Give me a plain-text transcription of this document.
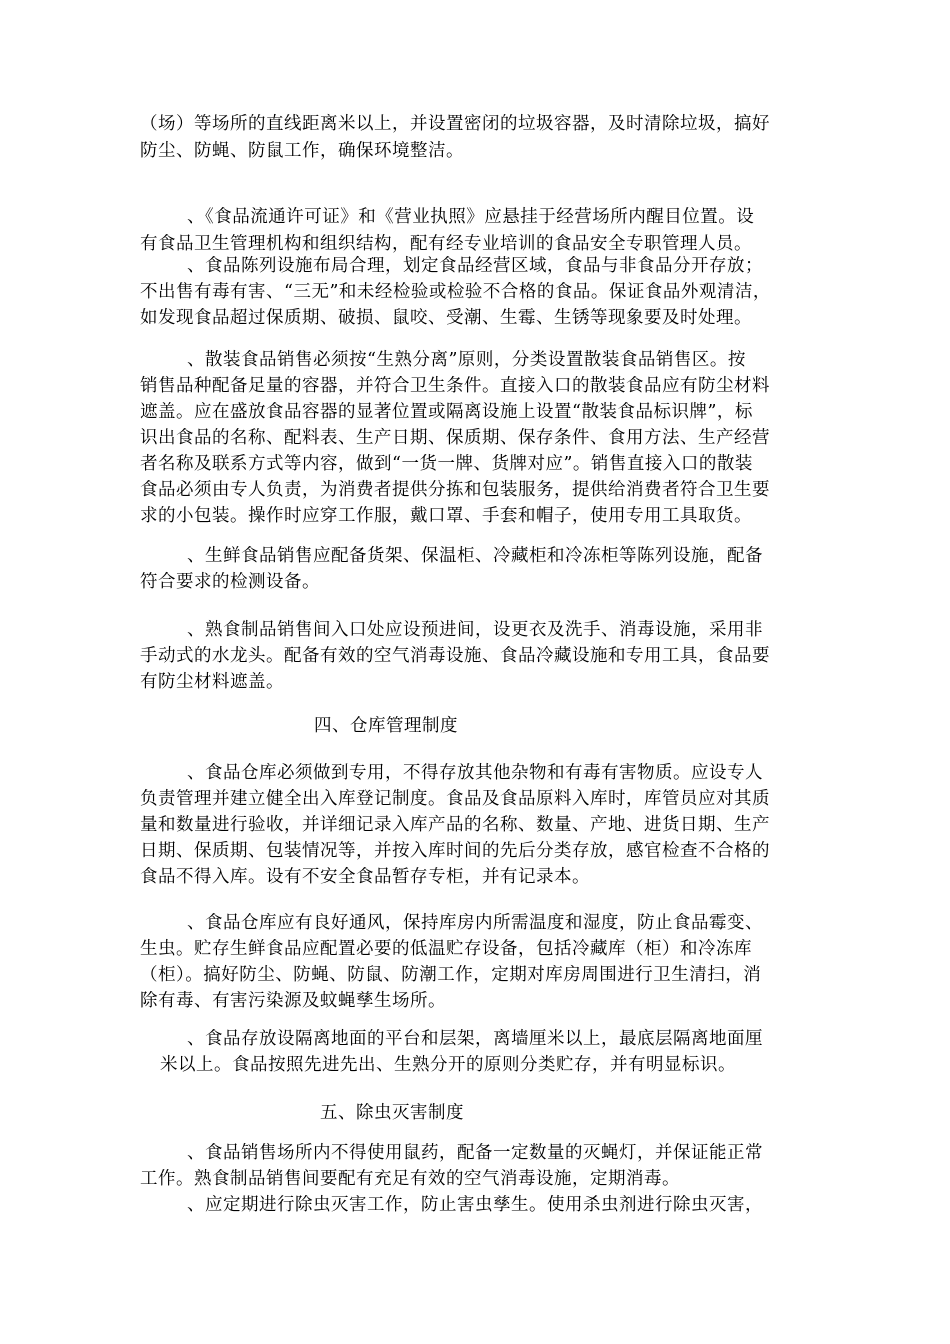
（场）等场所的直线距离米以上，并设置密闭的垃圾容器，及时清除垃圾，搞好
防尘、防蝇、防鼠工作，确保环境整洁。
、《食品流通许可证》和《营业执照》应悬挂于经营场所内醒目位置。设
有食品卫生管理机构和组织结构，配有经专业培训的食品安全专职管理人员。
、食品陈列设施布局合理，划定食品经营区域，食品与非食品分开存放；
不出售有毒有害、“三无”和未经检验或检验不合格的食品。保证食品外观清洁，
如发现食品超过保质期、破损、鼠咬、受潮、生霉、生锈等现象要及时处理。
、散装食品销售必须按“生熟分离”原则，分类设置散装食品销售区。按
销售品种配备足量的容器，并符合卫生条件。直接入口的散装食品应有防尘材料
遮盖。应在盛放食品容器的显著位置或隔离设施上设置“散装食品标识牌”，标
识出食品的名称、配料表、生产日期、保质期、保存条件、食用方法、生产经营
者名称及联系方式等内容，做到“一货一牌、货牌对应”。销售直接入口的散装
食品必须由专人负责，为消费者提供分拣和包装服务，提供给消费者符合卫生要
求的小包装。操作时应穿工作服，戴口罩、手套和帽子，使用专用工具取货。
、生鲜食品销售应配备货架、保温柜、冷藏柜和冷冻柜等陈列设施，配备
符合要求的检测设备。
、熟食制品销售间入口处应设预进间，设更衣及洗手、消毒设施，采用非
手动式的水龙头。配备有效的空气消毒设施、食品冷藏设施和专用工具，食品要
有防尘材料遮盖。
四、仓库管理制度
、食品仓库必须做到专用，不得存放其他杂物和有毒有害物质。应设专人
负责管理并建立健全出入库登记制度。食品及食品原料入库时，库管员应对其质
量和数量进行验收，并详细记录入库产品的名称、数量、产地、进货日期、生产
日期、保质期、包装情况等，并按入库时间的先后分类存放，感官检查不合格的
食品不得入库。设有不安全食品暂存专柜，并有记录本。
、食品仓库应有良好通风，保持库房内所需温度和湿度，防止食品霉变、
生虫。贮存生鲜食品应配置必要的低温贮存设备，包括冷藏库（柜）和冷冻库
（柜）。搞好防尘、防蝇、防鼠、防潮工作，定期对库房周围进行卫生清扫，消
除有毒、有害污染源及蚊蝇孳生场所。
、食品存放设隔离地面的平台和层架，离墙厘米以上，最底层隔离地面厘
米以上。食品按照先进先出、生熟分开的原则分类贮存，并有明显标识。
五、除虫灭害制度
、食品销售场所内不得使用鼠药，配备一定数量的灭蝇灯，并保证能正常
工作。熟食制品销售间要配有充足有效的空气消毒设施，定期消毒。
、应定期进行除虫灭害工作，防止害虫孳生。使用杀虫剂进行除虫灭害，
